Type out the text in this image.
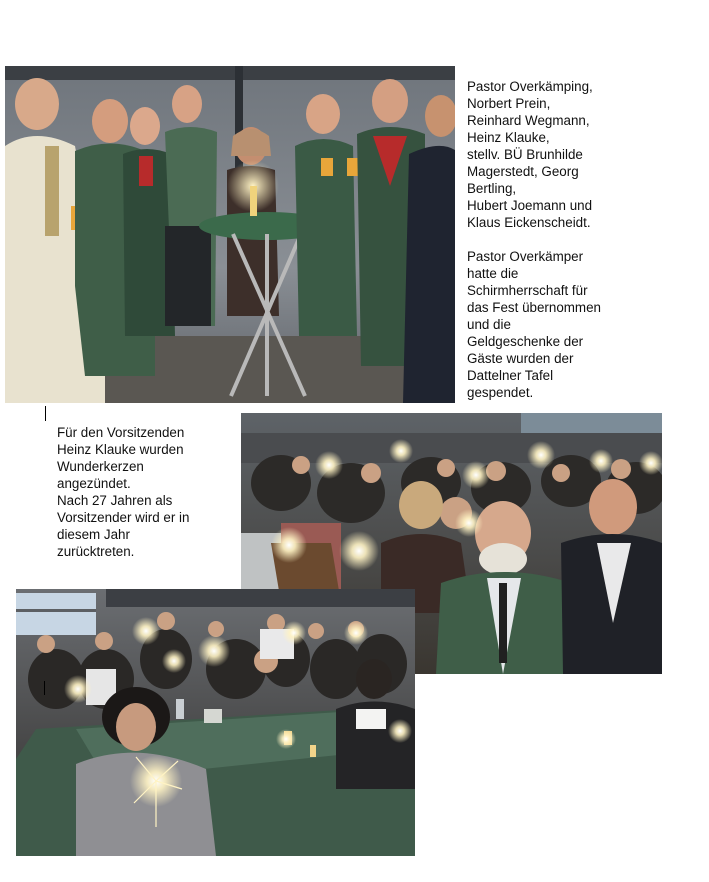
Pastor Overkämping,
Norbert Prein,
Reinhard Wegmann,
Heinz Klauke,
stellv. BÜ Brunhilde
Magerstedt, Georg
Bertling,
Hubert Joemann und
Klaus Eickenscheidt.

Pastor Overkämper
hatte die
Schirmherrschaft für
das Fest übernommen
und die
Geldgeschenke der
Gäste wurden der
Dattelner Tafel
gespendet.

Für den Vorsitzenden
Heinz Klauke wurden
Wunderkerzen
angezündet.
Nach 27 Jahren als
Vorsitzender wird er in
diesem Jahr
zurücktreten.
